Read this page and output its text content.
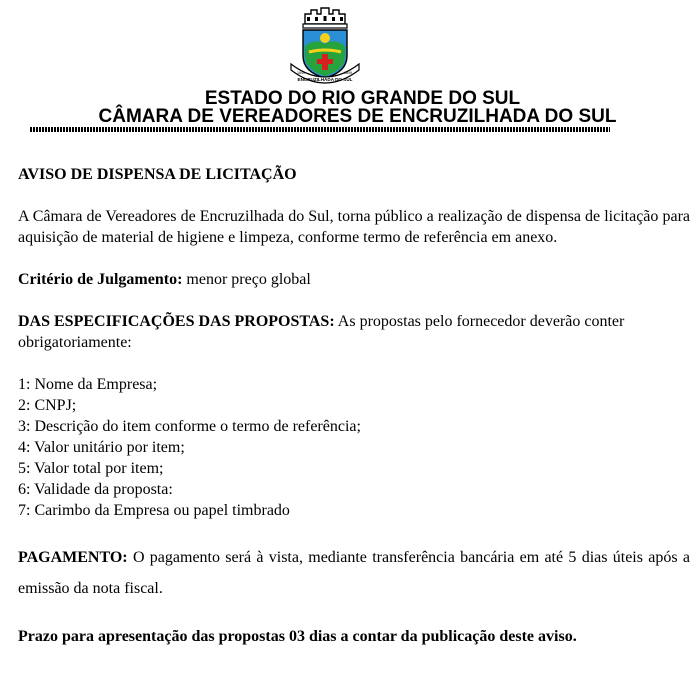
ENCRUZILHADA DO SUL
1849	1849
ESTADO DO RIO GRANDE DO SUL
CÂMARA DE VEREADORES DE ENCRUZILHADA DO SUL

AVISO DE DISPENSA DE LICITAÇÃO

A Câmara de Vereadores de Encruzilhada do Sul, torna público a realização de dispensa de licitação para aquisição de material de higiene e limpeza, conforme termo de referência em anexo.

Critério de Julgamento: menor preço global

DAS ESPECIFICAÇÕES DAS PROPOSTAS: As propostas pelo fornecedor deverão conter obrigatoriamente:

1: Nome da Empresa;

2: CNPJ;

3: Descrição do item conforme o termo de referência;

4: Valor unitário por item;

5: Valor total por item;

6: Validade da proposta:

7: Carimbo da Empresa ou papel timbrado

PAGAMENTO: O pagamento será à vista, mediante transferência bancária em até 5 dias úteis após a emissão da nota fiscal.

Prazo para apresentação das propostas 03 dias a contar da publicação deste aviso.
